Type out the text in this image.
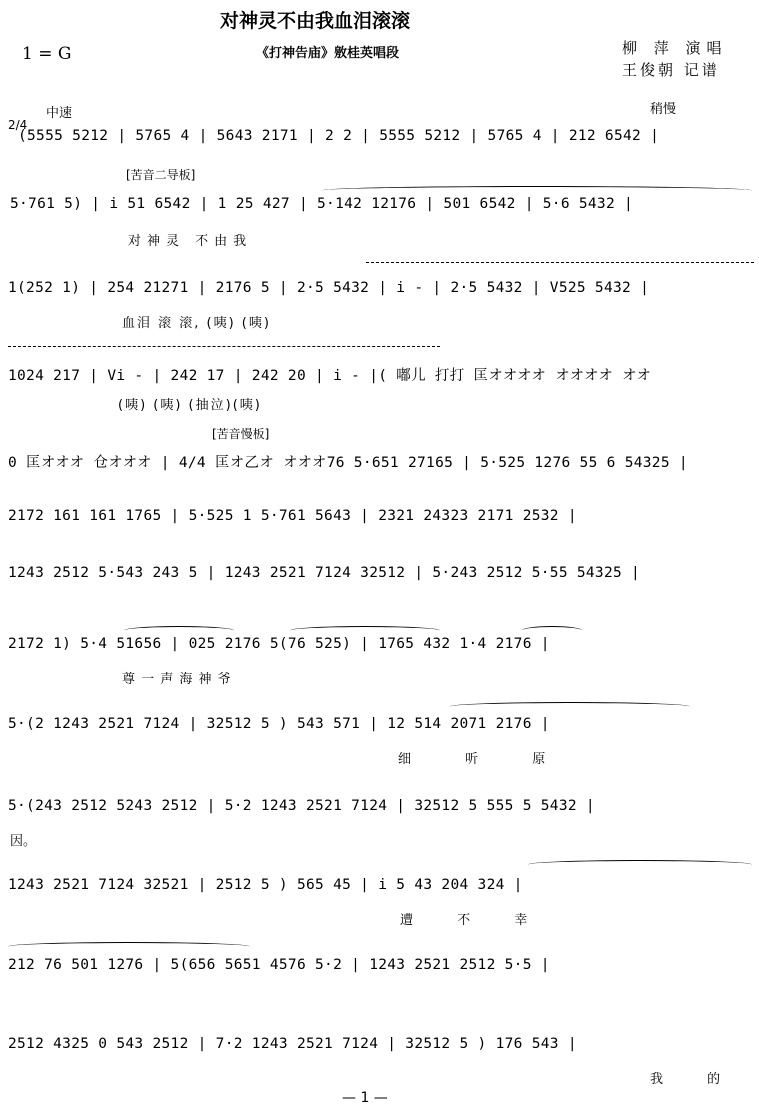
对神灵不由我血泪滚滚
1 = G	《打神告庙》敫桂英唱段	柳 萍 演唱
王俊朝 记谱
中速	稍慢
2/4
(5555 5212 | 5765 4 | 5643 2171 | 2 2 | 5555 5212 | 5765 4 | 212 6542 |
[苦音二导板]
5·761 5) | i 51 6542 | 1 25 427 | 5·142 12176 | 501 6542 | 5·6 5432 |
对神灵 不由我
1(252 1) | 254 21271 | 2176 5 | 2·5 5432 | i - | 2·5 5432 | V525 5432 |
血泪 滚 滚, (咦) (咦)
1024 217 | Vi - | 242 17 | 242 20 | i - |( 嘟儿 打打 匡オオオオ オオオオ オオ
(咦) (咦) (抽泣)(咦)
[苦音慢板]
0 匡オオオ 仓オオオ | 4/4 匡オ乙オ オオオ76 5·651 27165 | 5·525 1276 55 6 54325 |
2172 161 161 1765 | 5·525 1 5·761 5643 | 2321 24323 2171 2532 |
1243 2512 5·543 243 5 | 1243 2521 7124 32512 | 5·243 2512 5·55 54325 |
2172 1) 5·4 51656 | 025 2176 5(76 525) | 1765 432 1·4 2176 |
尊 一 声 海 神 爷
5·(2 1243 2521 7124 | 32512 5 ) 543 571 | 12 514 2071 2176 |
细 听 原
5·(243 2512 5243 2512 | 5·2 1243 2521 7124 | 32512 5 555 5 5432 |
因。
1243 2521 7124 32521 | 2512 5 ) 565 45 | i 5 43 204 324 |
遭 不 幸
212 76 501 1276 | 5(656 5651 4576 5·2 | 1243 2521 2512 5·5 |
2512 4325 0 543 2512 | 7·2 1243 2521 7124 | 32512 5 ) 176 543 |
我 的
— 1 —
